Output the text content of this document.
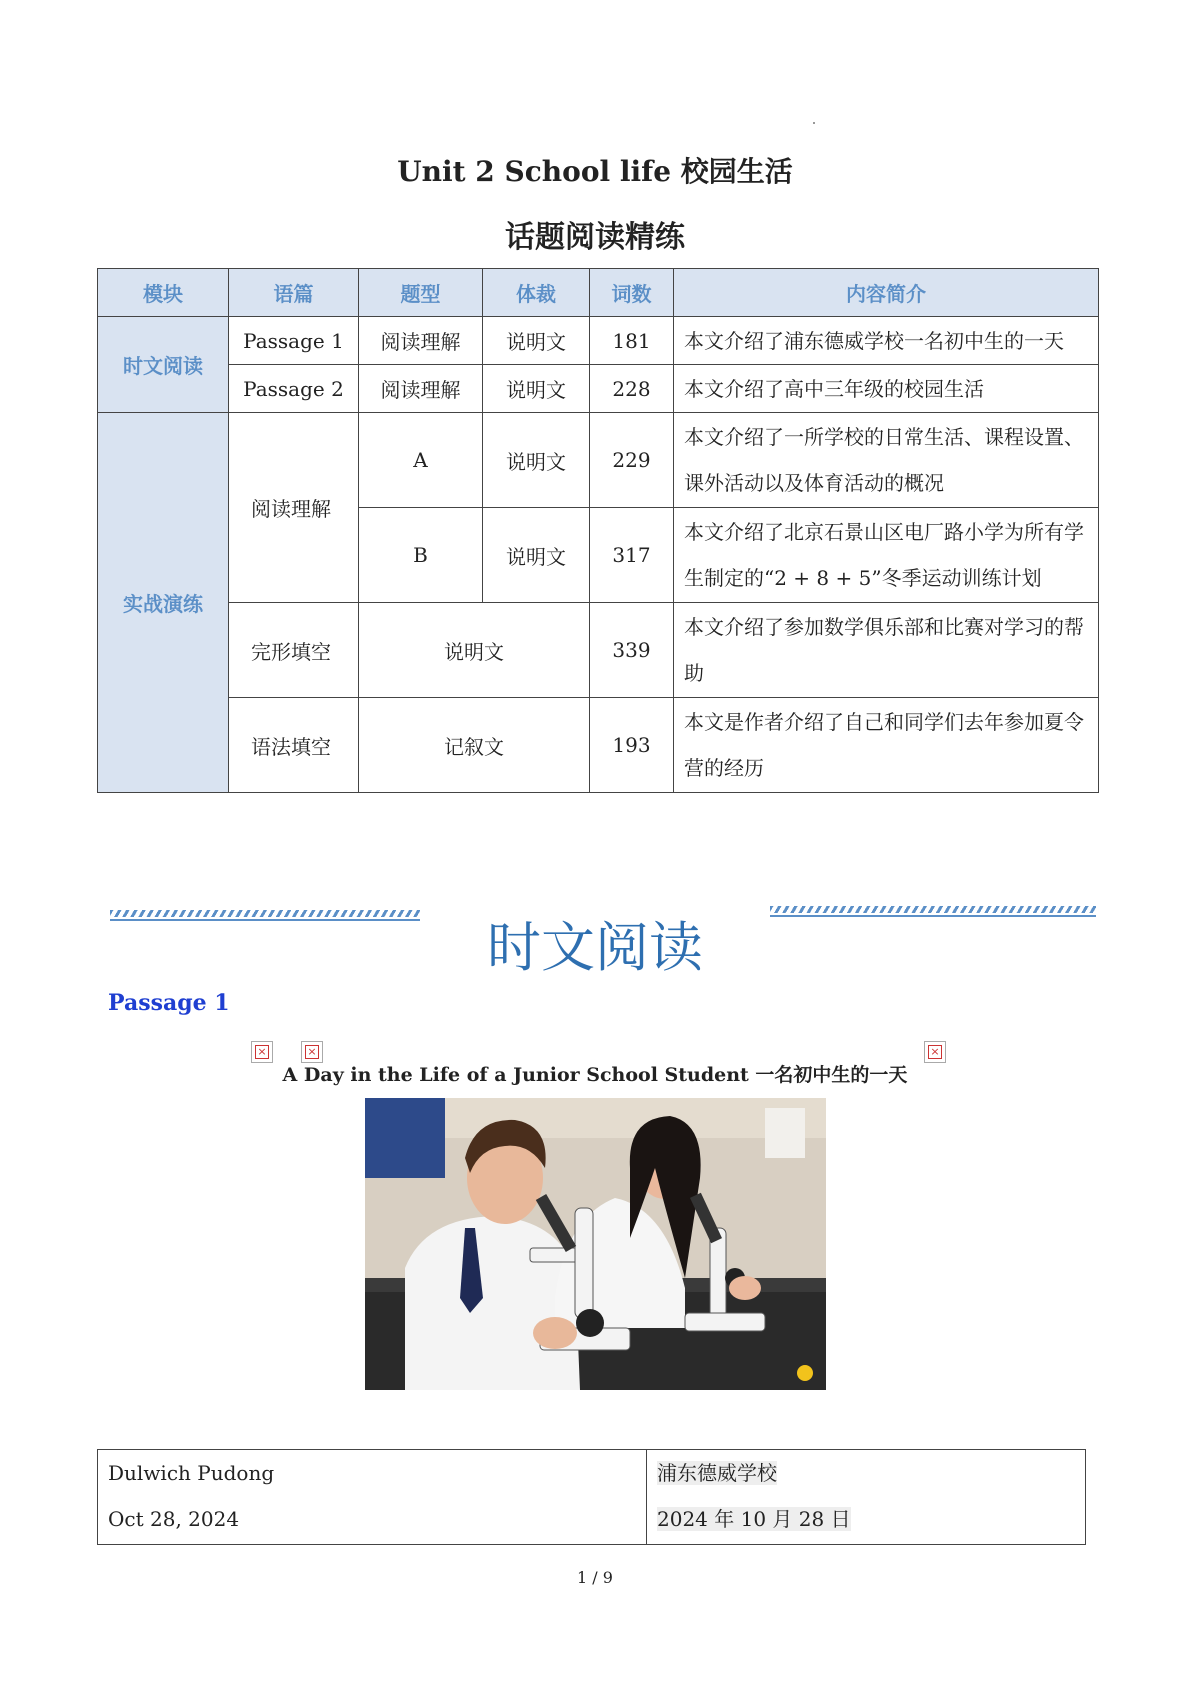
Unit 2 School life 校园生活
话题阅读精练
模块	语篇	题型	体裁	词数	内容简介
时文阅读	Passage 1	阅读理解	说明文	181	本文介绍了浦东德威学校一名初中生的一天
	Passage 2	阅读理解	说明文	228	本文介绍了高中三年级的校园生活
实战演练	阅读理解	A	说明文	229	本文介绍了一所学校的日常生活、课程设置、课外活动以及体育活动的概况
		B	说明文	317	本文介绍了北京石景山区电厂路小学为所有学生制定的“2 + 8 + 5”冬季运动训练计划
	完形填空	说明文		339	本文介绍了参加数学俱乐部和比赛对学习的帮助
	语法填空	记叙文		193	本文是作者介绍了自己和同学们去年参加夏令营的经历
时文阅读
Passage 1
×	×	×
A Day in the Life of a Junior School Student 一名初中生的一天
Dulwich Pudong
Oct 28, 2024

浦东德威学校
2024 年 10 月 28 日
1 / 9
